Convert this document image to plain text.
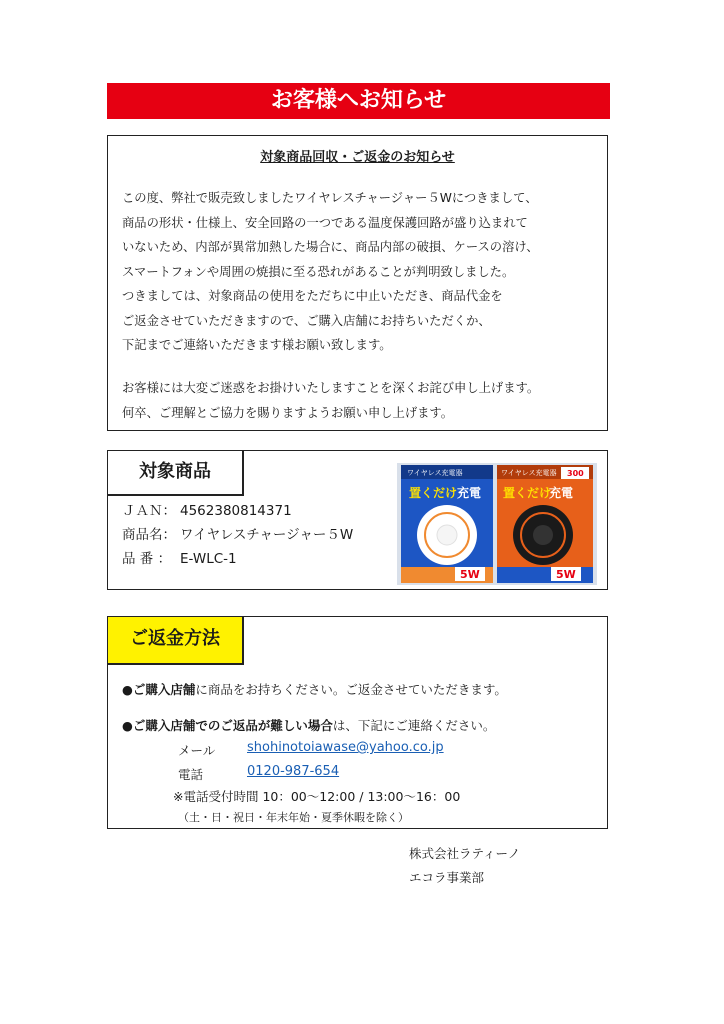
お客様へお知らせ
対象商品回収・ご返金のお知らせ
この度、弊社で販売致しましたワイヤレスチャージャー５Wにつきまして、
商品の形状・仕様上、安全回路の一つである温度保護回路が盛り込まれて
いないため、内部が異常加熱した場合に、商品内部の破損、ケースの溶け、
スマートフォンや周囲の焼損に至る恐れがあることが判明致しました。
つきましては、対象商品の使用をただちに中止いただき、商品代金を
ご返金させていただきますので、ご購入店舗にお持ちいただくか、
下記までご連絡いただきます様お願い致します。
お客様には大変ご迷惑をお掛けいたしますことを深くお詫び申し上げます。
何卒、ご理解とご協力を賜りますようお願い申し上げます。
対象商品
ＪＡＮ： 4562380814371
商品名： ワイヤレスチャージャー５W
品 番 ： E-WLC-1
ワイヤレス充電器
置くだけ 充電
5W
ワイヤレス充電器 300
置くだけ
充電
5W
ご返金方法
●ご購入店舗に商品をお持ちください。ご返金させていただきます。
●ご購入店舗でのご返品が難しい場合は、下記にご連絡ください。
メール shohinotoiawase@yahoo.co.jp
電話	0120-987-654
※電話受付時間 10：00〜12:00 / 13:00〜16：00
（土・日・祝日・年末年始・夏季休暇を除く）
株式会社ラティーノ
エコラ事業部
